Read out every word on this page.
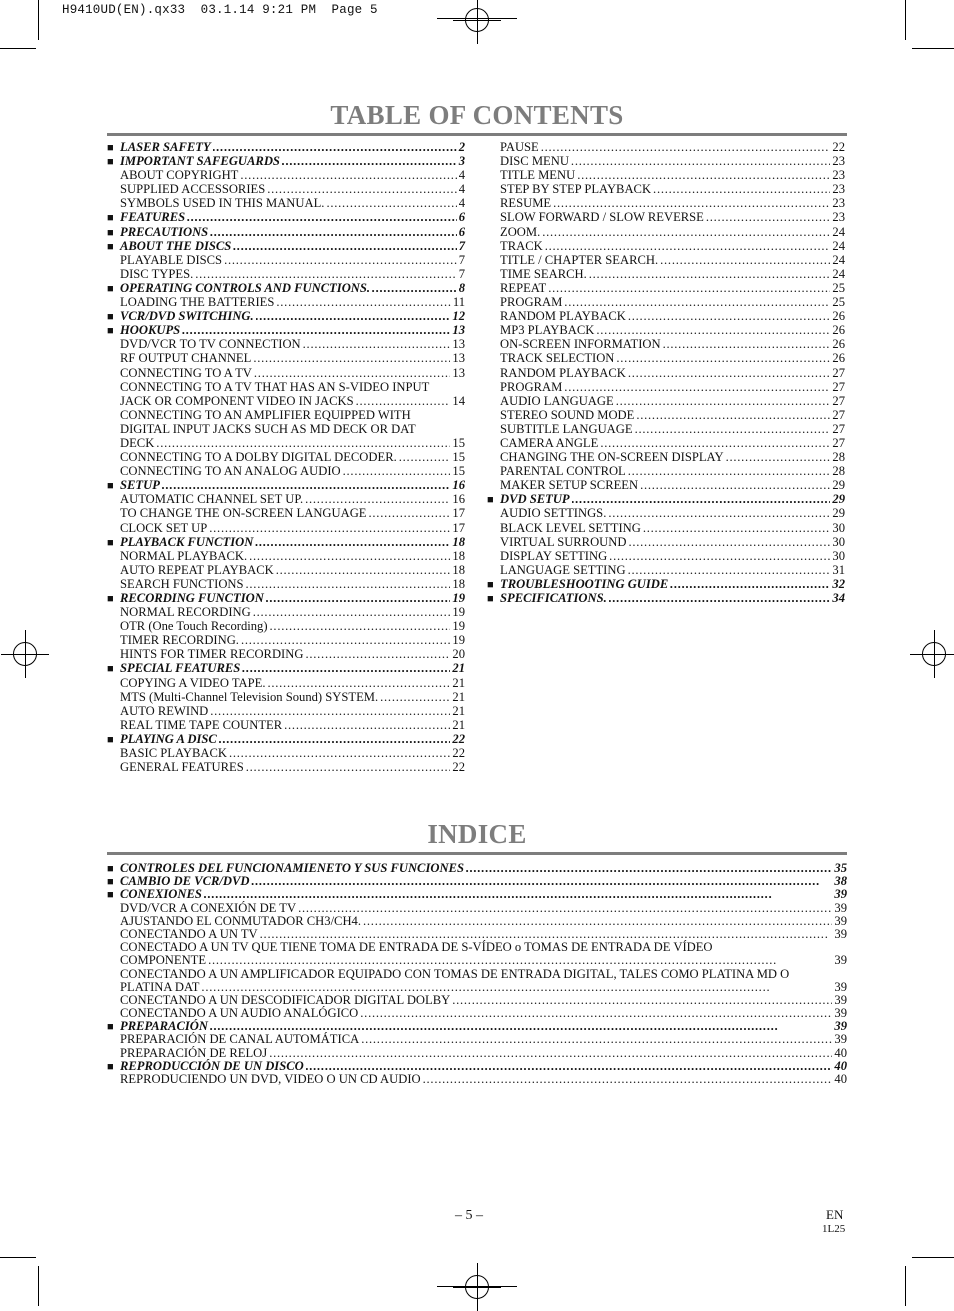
H9410UD(EN).qx33  03.1.14 9:21 PM  Page 5
TABLE OF CONTENTS
■ LASER SAFETY . . .	2
■ IMPORTANT SAFEGUARDS . . .	3
ABOUT COPYRIGHT . . .	4
SUPPLIED ACCESSORIES . . .	4
SYMBOLS USED IN THIS MANUAL. . . .	4
■ FEATURES . . .	6
■ PRECAUTIONS . . .	6
■ ABOUT THE DISCS . . .	7
PLAYABLE DISCS . . .	7
DISC TYPES. . . .	7
■ OPERATING CONTROLS AND FUNCTIONS. . . .	8
LOADING THE BATTERIES . . .	11
■ VCR/DVD SWITCHING. . . .	12
■ HOOKUPS . . .	13
DVD/VCR TO TV CONNECTION . . .	13
RF OUTPUT CHANNEL . . .	13
CONNECTING TO A TV . . .	13
CONNECTING TO A TV THAT HAS AN S-VIDEO INPUT
JACK OR COMPONENT VIDEO IN JACKS . . .	14
CONNECTING TO AN AMPLIFIER EQUIPPED WITH
DIGITAL INPUT JACKS SUCH AS MD DECK OR DAT
DECK . . .	15
CONNECTING TO A DOLBY DIGITAL DECODER. . . .	15
CONNECTING TO AN ANALOG AUDIO . . .	15
■ SETUP . . .	16
AUTOMATIC CHANNEL SET UP. . . .	16
TO CHANGE THE ON-SCREEN LANGUAGE . . .	17
CLOCK SET UP . . .	17
■ PLAYBACK FUNCTION . . .	18
NORMAL PLAYBACK. . . .	18
AUTO REPEAT PLAYBACK . . .	18
SEARCH FUNCTIONS . . .	18
■ RECORDING FUNCTION . . .	19
NORMAL RECORDING . . .	19
OTR (One Touch Recording) . . .	19
TIMER RECORDING. . . .	19
HINTS FOR TIMER RECORDING . . .	20
■ SPECIAL FEATURES . . .	21
COPYING A VIDEO TAPE. . . .	21
MTS (Multi-Channel Television Sound) SYSTEM. . . .	21
AUTO REWIND . . .	21
REAL TIME TAPE COUNTER . . .	21
■ PLAYING A DISC . . .	22
BASIC PLAYBACK . . .	22
GENERAL FEATURES . . .	22
PAUSE . . .	22
DISC MENU . . .	23
TITLE MENU . . .	23
STEP BY STEP PLAYBACK . . .	23
RESUME . . .	23
SLOW FORWARD / SLOW REVERSE . . .	23
ZOOM. . . .	24
TRACK . . .	24
TITLE / CHAPTER SEARCH. . . .	24
TIME SEARCH. . . .	24
REPEAT . . .	25
PROGRAM . . .	25
RANDOM PLAYBACK . . .	26
MP3 PLAYBACK . . .	26
ON-SCREEN INFORMATION . . .	26
TRACK SELECTION . . .	26
RANDOM PLAYBACK . . .	27
PROGRAM . . .	27
AUDIO LANGUAGE . . .	27
STEREO SOUND MODE . . .	27
SUBTITLE LANGUAGE . . .	27
CAMERA ANGLE . . .	27
CHANGING THE ON-SCREEN DISPLAY . . .	28
PARENTAL CONTROL . . .	28
MAKER SETUP SCREEN . . .	29
■ DVD SETUP . . .	29
AUDIO SETTINGS. . . .	29
BLACK LEVEL SETTING . . .	30
VIRTUAL SURROUND . . .	30
DISPLAY SETTING . . .	30
LANGUAGE SETTING . . .	31
■ TROUBLESHOOTING GUIDE . . .	32
■ SPECIFICATIONS. . . .	34
INDICE
■ CONTROLES DEL FUNCIONAMIENETO Y SUS FUNCIONES . . .	35
■ CAMBIO DE VCR/DVD . . .	38
■ CONEXIONES . . .	39
DVD/VCR A CONEXIÓN DE TV . . .	39
AJUSTANDO EL CONMUTADOR CH3/CH4. . . .	39
CONECTANDO A UN TV . . .	39
CONECTADO A UN TV QUE TIENE TOMA DE ENTRADA DE S-VÍDEO o TOMAS DE ENTRADA DE VÍDEO
COMPONENTE . . .	39
CONECTANDO A UN AMPLIFICADOR EQUIPADO CON TOMAS DE ENTRADA DIGITAL, TALES COMO PLATINA MD O
PLATINA DAT . . .	39
CONECTANDO A UN DESCODIFICADOR DIGITAL DOLBY . . .	39
CONECTANDO A UN AUDIO ANALÓGICO . . .	39
■ PREPARACIÓN . . .	39
PREPARACIÓN DE CANAL AUTOMÁTICA . . .	39
PREPARACIÓN DE RELOJ . . .	40
■ REPRODUCCIÓN DE UN DISCO . . .	40
REPRODUCIENDO UN DVD, VIDEO O UN CD AUDIO . . .	40
– 5 –	EN
1L25
